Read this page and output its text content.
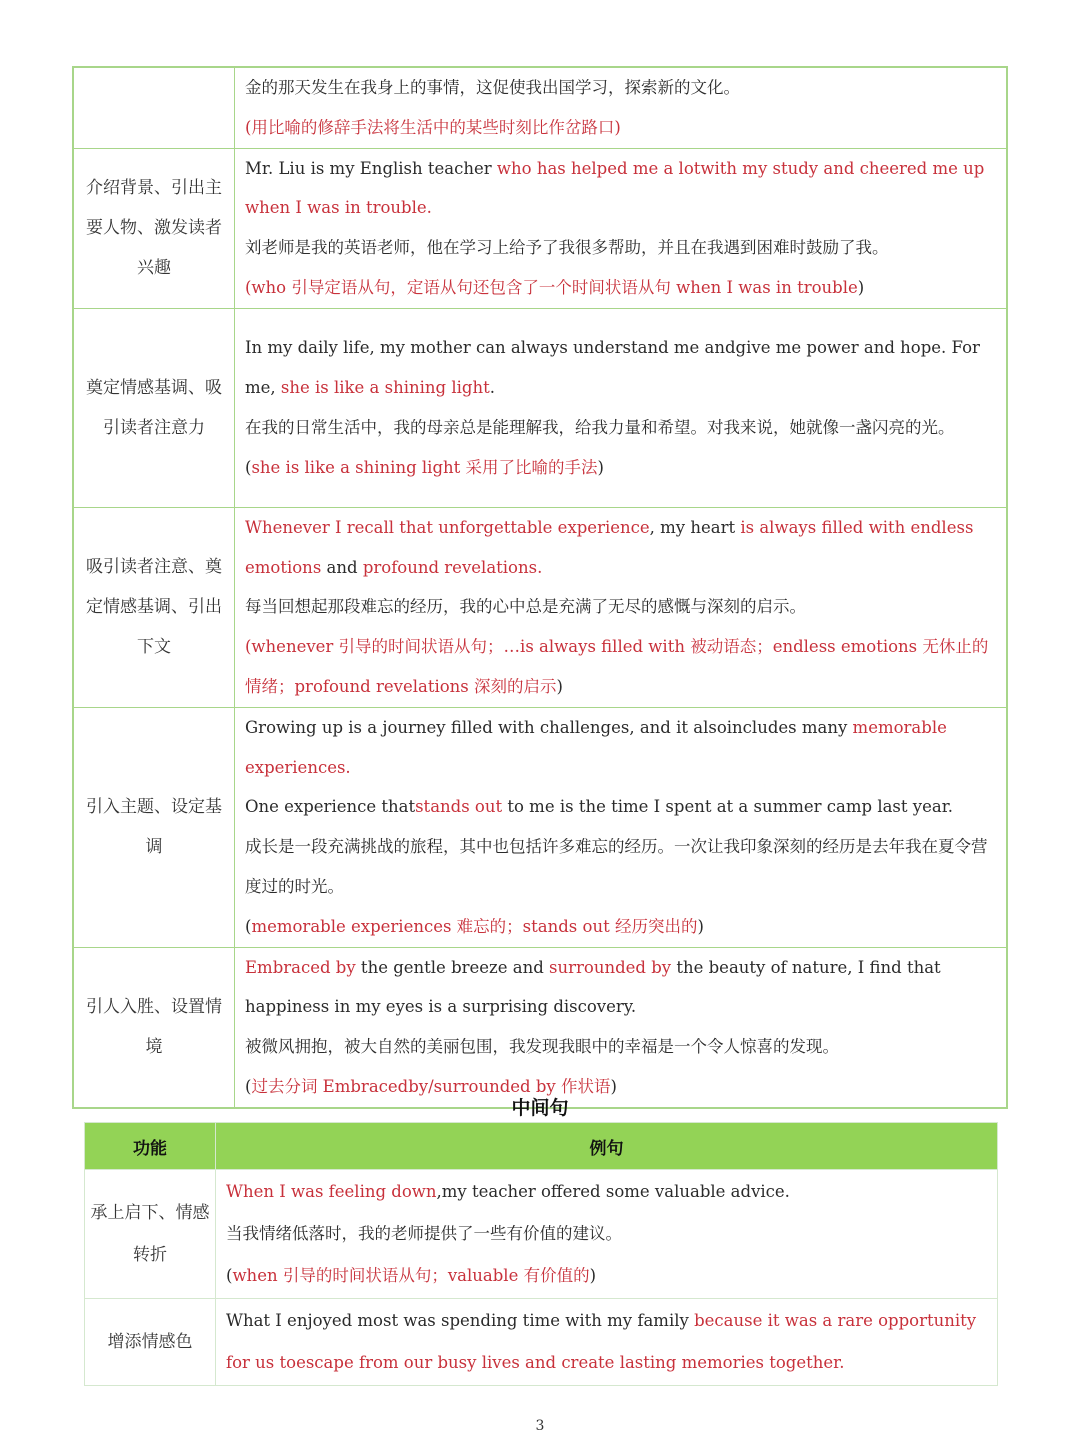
	金的那天发生在我身上的事情，这促使我出国学习，探索新的文化。
(用比喻的修辞手法将生活中的某些时刻比作岔路口)

介绍背景、引出主要人物、激发读者兴趣	Mr. Liu is my English teacher who has helped me a lotwith my study and cheered me up when I was in trouble.
刘老师是我的英语老师，他在学习上给予了我很多帮助，并且在我遇到困难时鼓励了我。
(who 引导定语从句，定语从句还包含了一个时间状语从句 when I was in trouble)

奠定情感基调、吸引读者注意力	In my daily life, my mother can always understand me andgive me power and hope. For me, she is like a shining light.
在我的日常生活中，我的母亲总是能理解我，给我力量和希望。对我来说，她就像一盏闪亮的光。
(she is like a shining light 采用了比喻的手法)

吸引读者注意、奠定情感基调、引出下文	Whenever I recall that unforgettable experience, my heart is always filled with endless emotions and profound revelations.
每当回想起那段难忘的经历，我的心中总是充满了无尽的感慨与深刻的启示。
(whenever 引导的时间状语从句；…is always filled with 被动语态；endless emotions 无休止的情绪；profound revelations 深刻的启示)

引入主题、设定基调	Growing up is a journey filled with challenges, and it alsoincludes many memorable experiences.
One experience thatstands out to me is the time I spent at a summer camp last year.
成长是一段充满挑战的旅程，其中也包括许多难忘的经历。一次让我印象深刻的经历是去年我在夏令营度过的时光。
(memorable experiences 难忘的；stands out 经历突出的)

引人入胜、设置情境	Embraced by the gentle breeze and surrounded by the beauty of nature, I find that happiness in my eyes is a surprising discovery.
被微风拥抱，被大自然的美丽包围，我发现我眼中的幸福是一个令人惊喜的发现。
(过去分词 Embracedby/surrounded by 作状语)
中间句
功能	例句
承上启下、情感转折	When I was feeling down,my teacher offered some valuable advice.
当我情绪低落时，我的老师提供了一些有价值的建议。
(when 引导的时间状语从句；valuable 有价值的)

增添情感色	What I enjoyed most was spending time with my family because it was a rare opportunity for us toescape from our busy lives and create lasting memories together.
3
